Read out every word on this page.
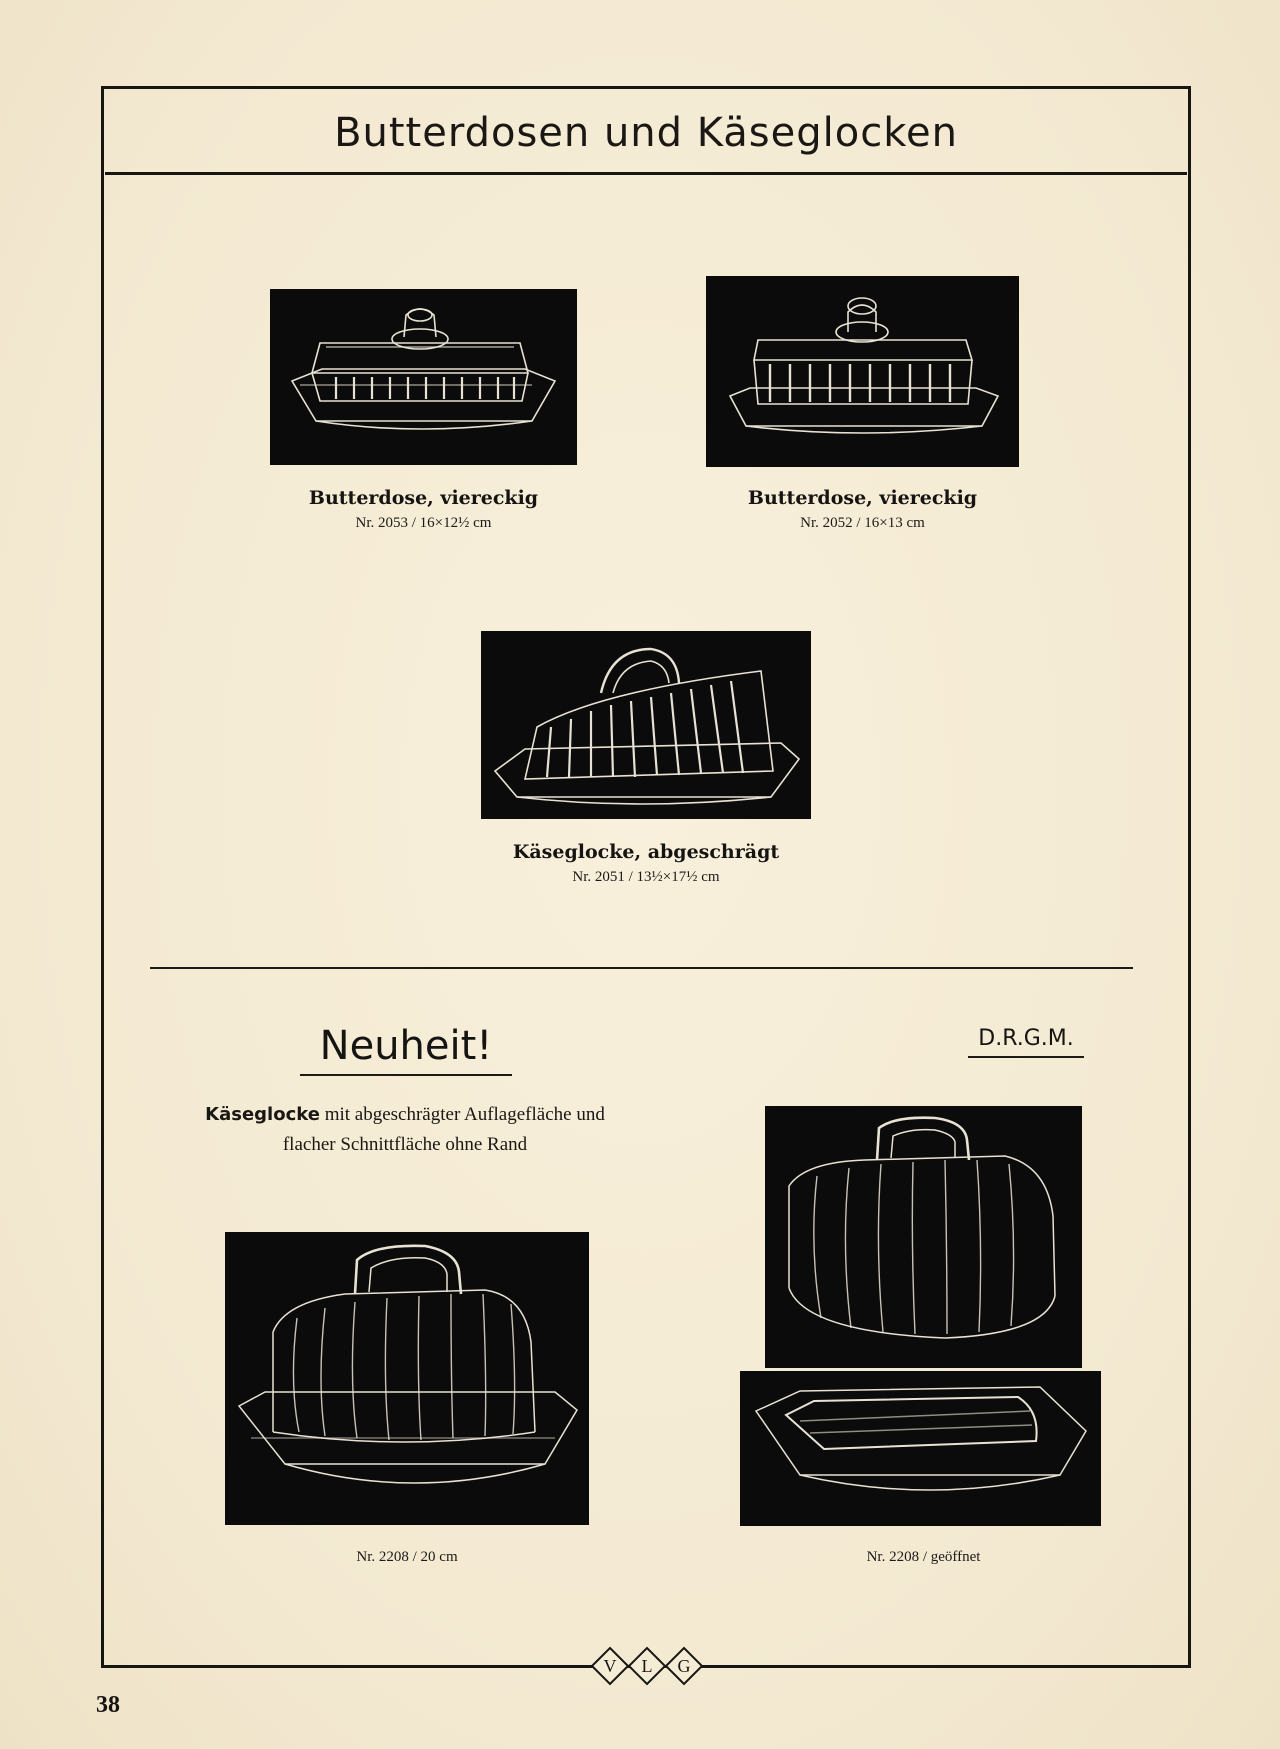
Butterdosen und Käseglocken
Butterdose, viereckig
Nr. 2053 / 16×12½ cm
Butterdose, viereckig
Nr. 2052 / 16×13 cm
Käseglocke, abgeschrägt
Nr. 2051 / 13½×17½ cm
Neuheit!	D.R.G.M.
Käseglocke mit abgeschrägter Auflagefläche und flacher Schnittfläche ohne Rand
Nr. 2208 / 20 cm	Nr. 2208 / geöffnet
V L G
38
